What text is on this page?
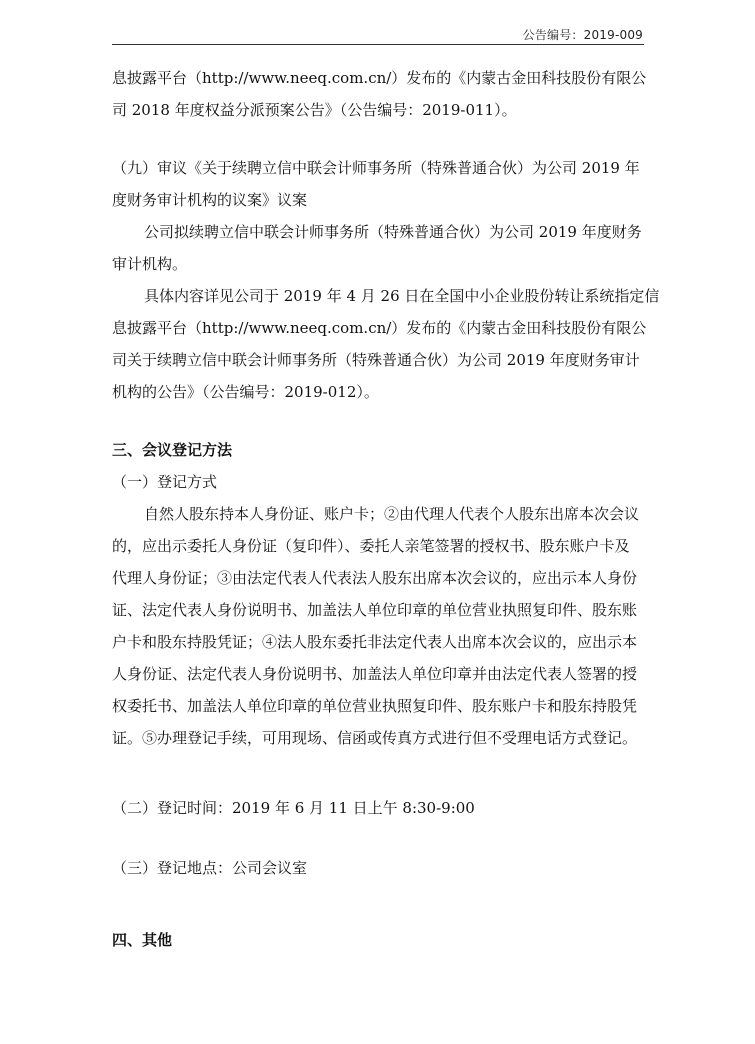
公告编号：2019-009
息披露平台（http://www.neeq.com.cn/）发布的《内蒙古金田科技股份有限公
司 2018 年度权益分派预案公告》（公告编号：2019-011）。
（九）审议《关于续聘立信中联会计师事务所（特殊普通合伙）为公司 2019 年
度财务审计机构的议案》议案
公司拟续聘立信中联会计师事务所（特殊普通合伙）为公司 2019 年度财务
审计机构。
具体内容详见公司于 2019 年 4 月 26 日在全国中小企业股份转让系统指定信
息披露平台（http://www.neeq.com.cn/）发布的《内蒙古金田科技股份有限公
司关于续聘立信中联会计师事务所（特殊普通合伙）为公司 2019 年度财务审计
机构的公告》（公告编号：2019-012）。
三、会议登记方法
（一）登记方式
自然人股东持本人身份证、账户卡；②由代理人代表个人股东出席本次会议
的，应出示委托人身份证（复印件）、委托人亲笔签署的授权书、股东账户卡及
代理人身份证；③由法定代表人代表法人股东出席本次会议的，应出示本人身份
证、法定代表人身份说明书、加盖法人单位印章的单位营业执照复印件、股东账
户卡和股东持股凭证；④法人股东委托非法定代表人出席本次会议的，应出示本
人身份证、法定代表人身份说明书、加盖法人单位印章并由法定代表人签署的授
权委托书、加盖法人单位印章的单位营业执照复印件、股东账户卡和股东持股凭
证。⑤办理登记手续，可用现场、信函或传真方式进行但不受理电话方式登记。
（二）登记时间：2019 年 6 月 11 日上午 8:30-9:00
（三）登记地点：公司会议室
四、其他
